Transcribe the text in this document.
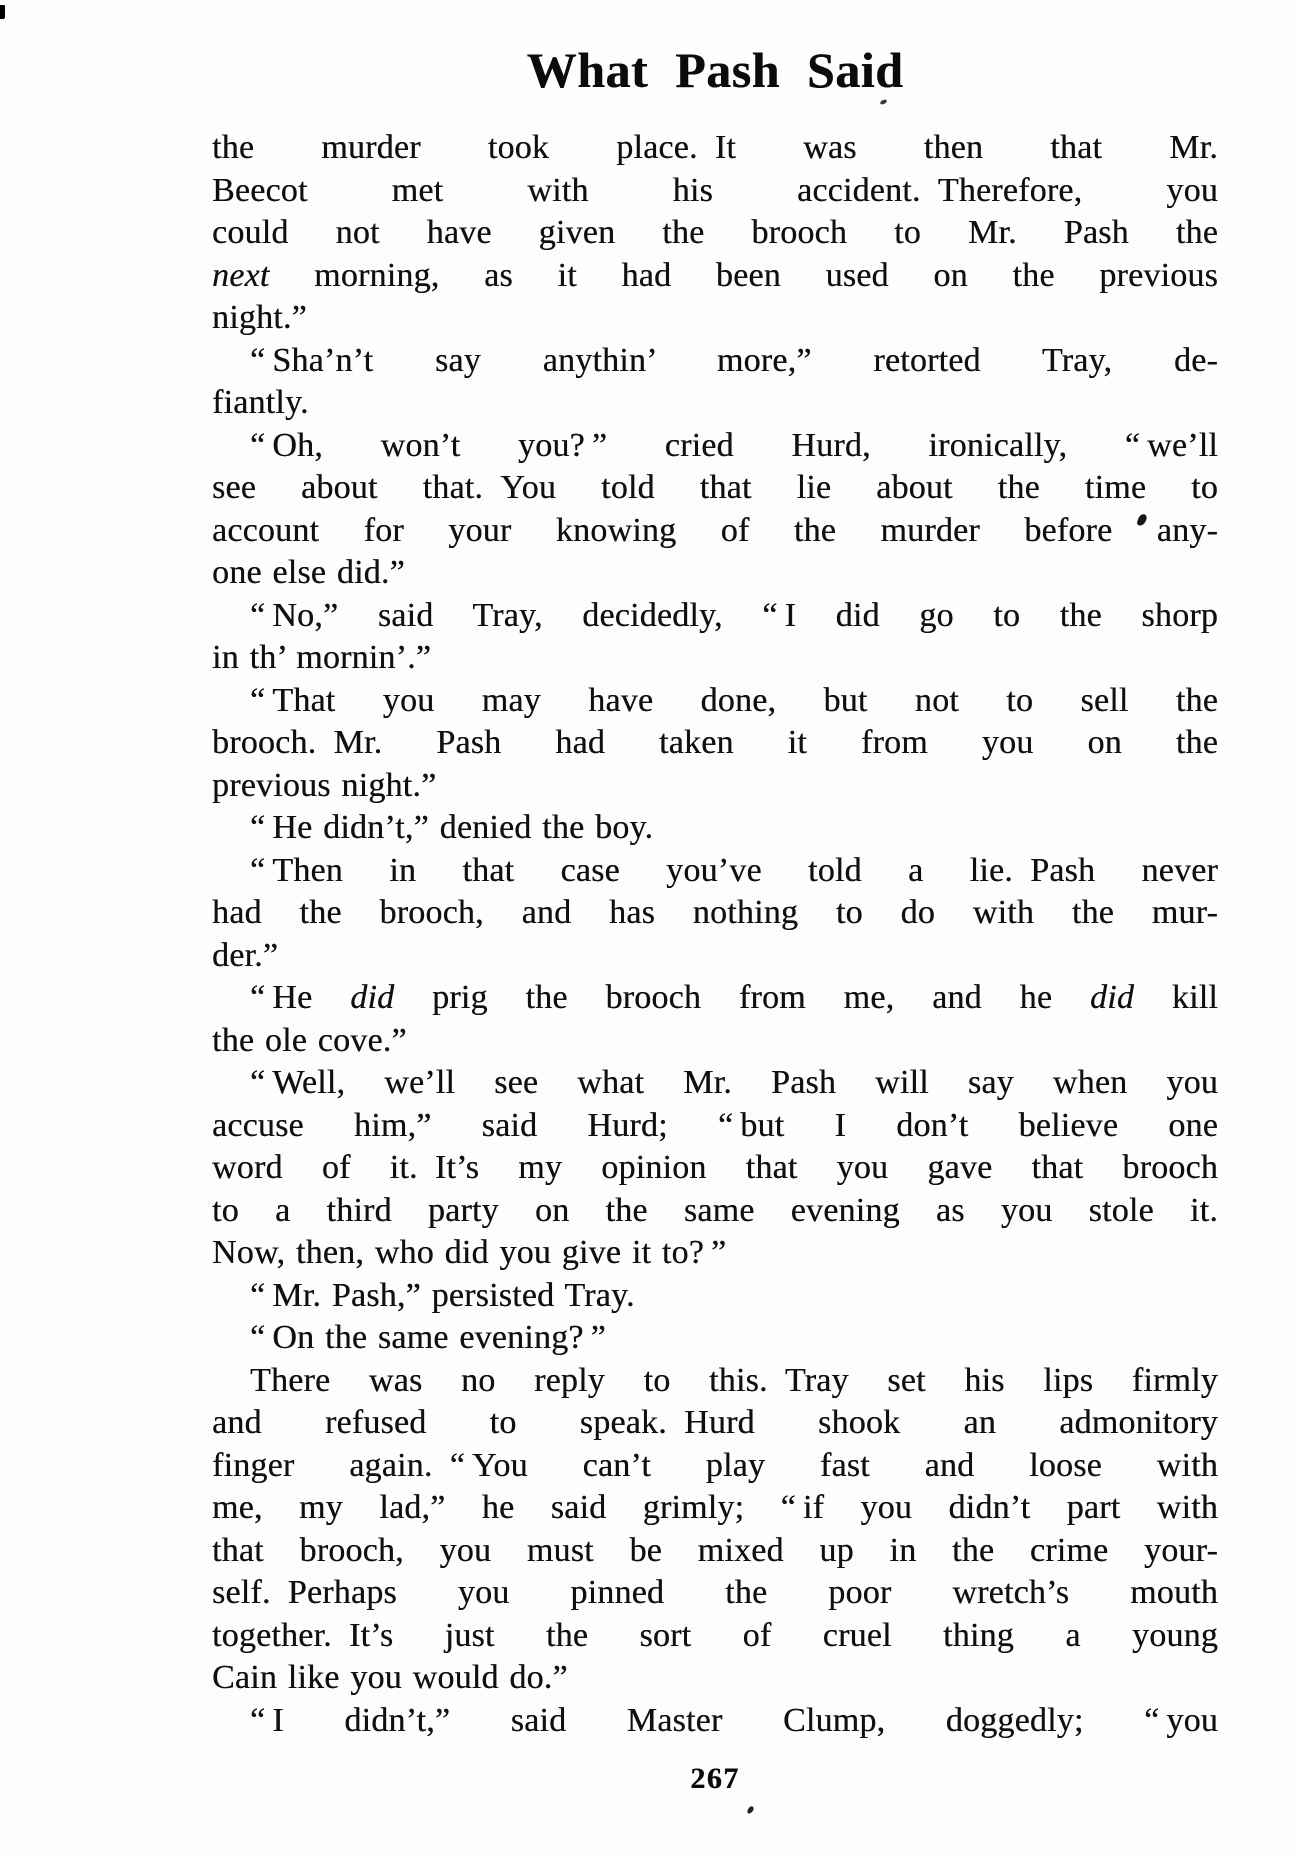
What Pash Said
the murder took place. It was then that Mr.
Beecot met with his accident. Therefore, you
could not have given the brooch to Mr. Pash the
next morning, as it had been used on the previous
night.”
“ Sha’n’t say anythin’ more,” retorted Tray, de-
fiantly.
“ Oh, won’t you? ” cried Hurd, ironically, “ we’ll
see about that. You told that lie about the time to
account for your knowing of the murder before any-
one else did.”
“ No,” said Tray, decidedly, “ I did go to the shorp
in th’ mornin’.”
“ That you may have done, but not to sell the
brooch. Mr. Pash had taken it from you on the
previous night.”
“ He didn’t,” denied the boy.
“ Then in that case you’ve told a lie. Pash never
had the brooch, and has nothing to do with the mur-
der.”
“ He did prig the brooch from me, and he did kill
the ole cove.”
“ Well, we’ll see what Mr. Pash will say when you
accuse him,” said Hurd; “ but I don’t believe one
word of it. It’s my opinion that you gave that brooch
to a third party on the same evening as you stole it.
Now, then, who did you give it to? ”
“ Mr. Pash,” persisted Tray.
“ On the same evening? ”
There was no reply to this. Tray set his lips firmly
and refused to speak. Hurd shook an admonitory
finger again. “ You can’t play fast and loose with
me, my lad,” he said grimly; “ if you didn’t part with
that brooch, you must be mixed up in the crime your-
self. Perhaps you pinned the poor wretch’s mouth
together. It’s just the sort of cruel thing a young
Cain like you would do.”
“ I didn’t,” said Master Clump, doggedly; “ you
267
